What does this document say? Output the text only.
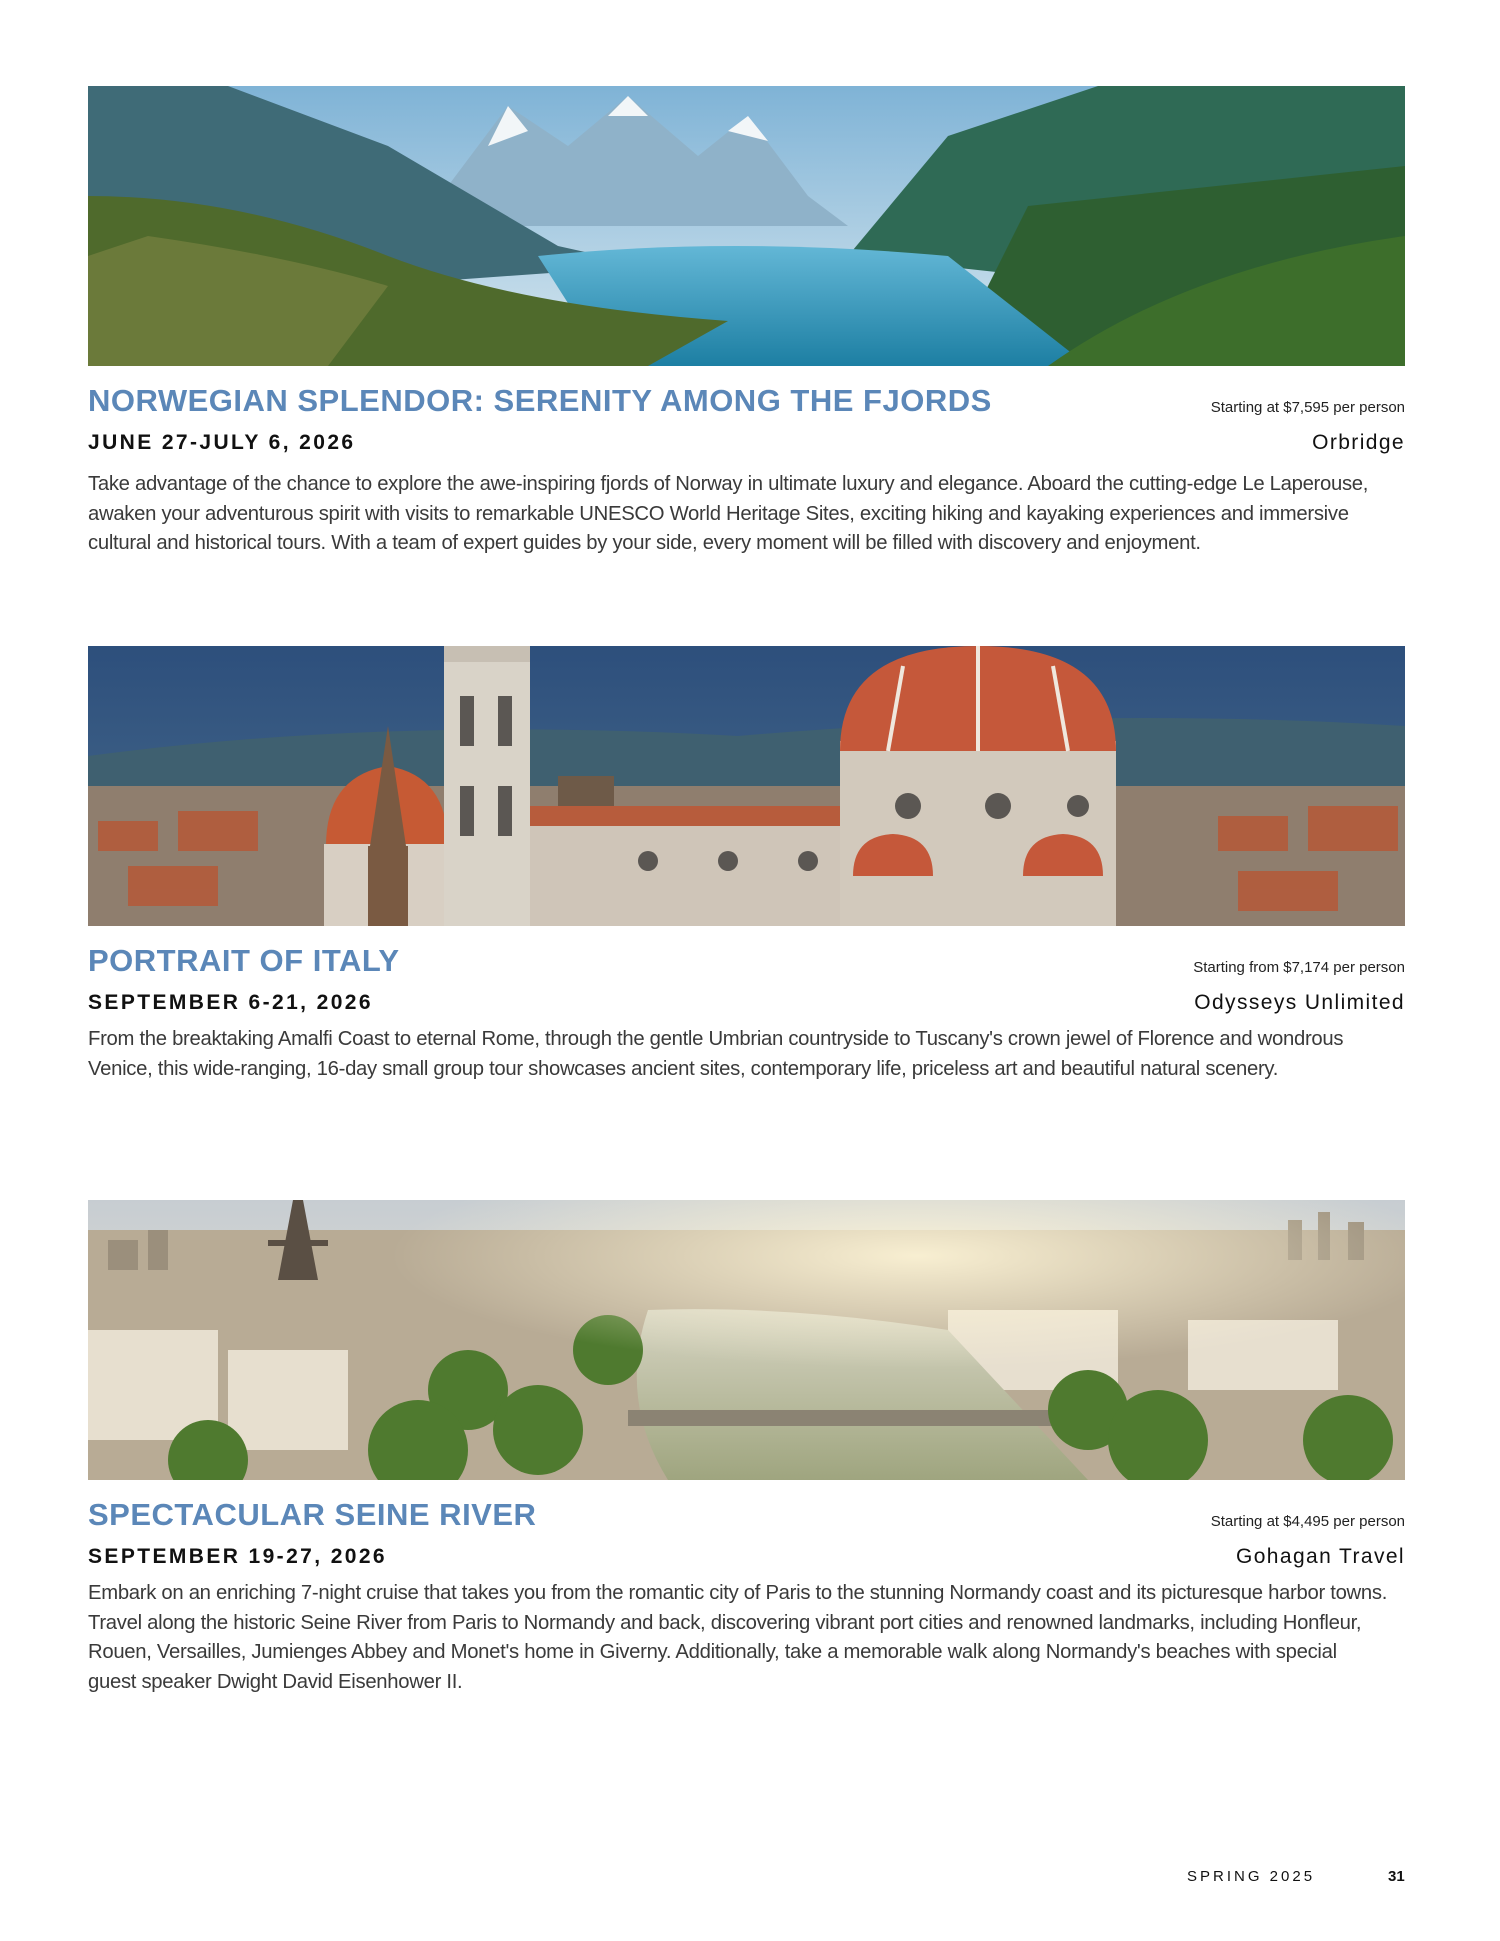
NORWEGIAN SPLENDOR: SERENITY AMONG THE FJORDS	Starting at $7,595 per person
JUNE 27-JULY 6, 2026	Orbridge

Take advantage of the chance to explore the awe-inspiring fjords of Norway in ultimate luxury and elegance. Aboard the cutting-edge Le Laperouse, awaken your adventurous spirit with visits to remarkable UNESCO World Heritage Sites, exciting hiking and kayaking experiences and immersive cultural and historical tours. With a team of expert guides by your side, every moment will be filled with discovery and enjoyment.

PORTRAIT OF ITALY	Starting from $7,174 per person
SEPTEMBER 6-21, 2026	Odysseys Unlimited

From the breaktaking Amalfi Coast to eternal Rome, through the gentle Umbrian countryside to Tuscany's crown jewel of Florence and wondrous Venice, this wide-ranging, 16-day small group tour showcases ancient sites, contemporary life, priceless art and beautiful natural scenery.

SPECTACULAR SEINE RIVER	Starting at $4,495 per person
SEPTEMBER 19-27, 2026	Gohagan Travel

Embark on an enriching 7-night cruise that takes you from the romantic city of Paris to the stunning Normandy coast and its picturesque harbor towns. Travel along the historic Seine River from Paris to Normandy and back, discovering vibrant port cities and renowned landmarks, including Honfleur, Rouen, Versailles, Jumienges Abbey and Monet's home in Giverny. Additionally, take a memorable walk along Normandy's beaches with special guest speaker Dwight David Eisenhower II.

SPRING 2025	31
